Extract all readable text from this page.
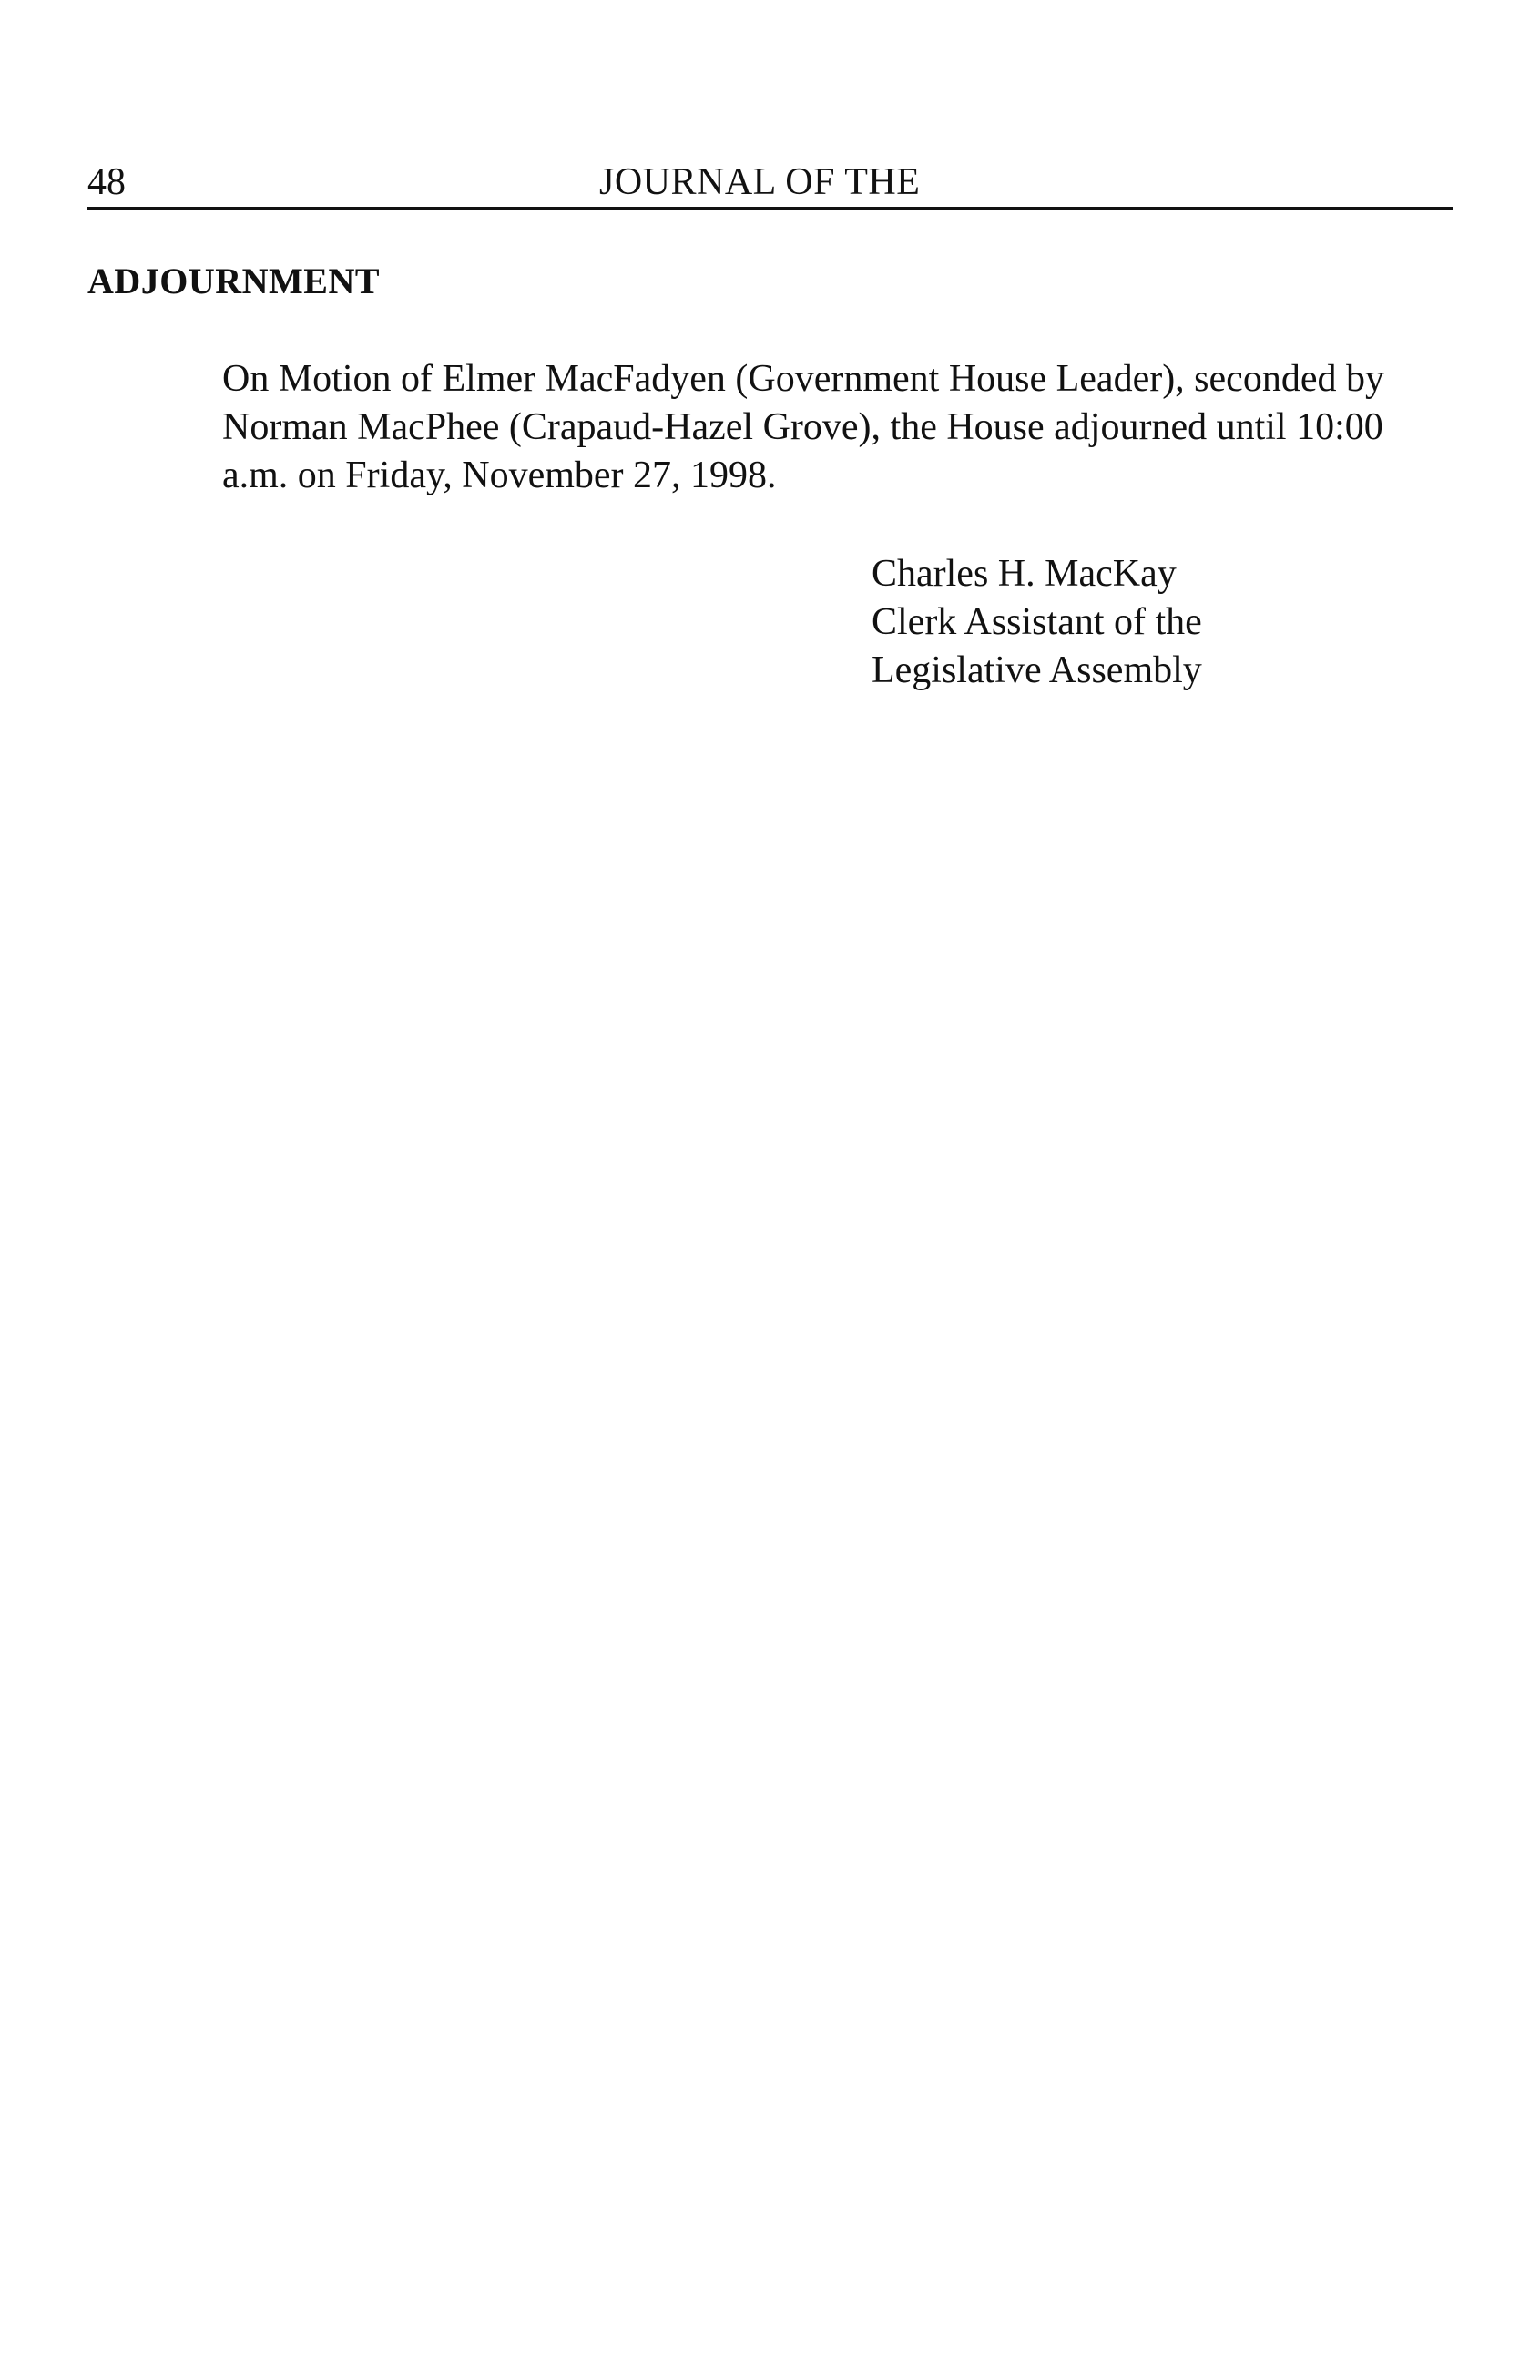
48	JOURNAL OF THE
ADJOURNMENT
On Motion of Elmer MacFadyen (Government House Leader), seconded by
Norman MacPhee (Crapaud-Hazel Grove), the House adjourned until 10:00
a.m. on Friday, November 27, 1998.
Charles H. MacKay
Clerk Assistant of the
Legislative Assembly
